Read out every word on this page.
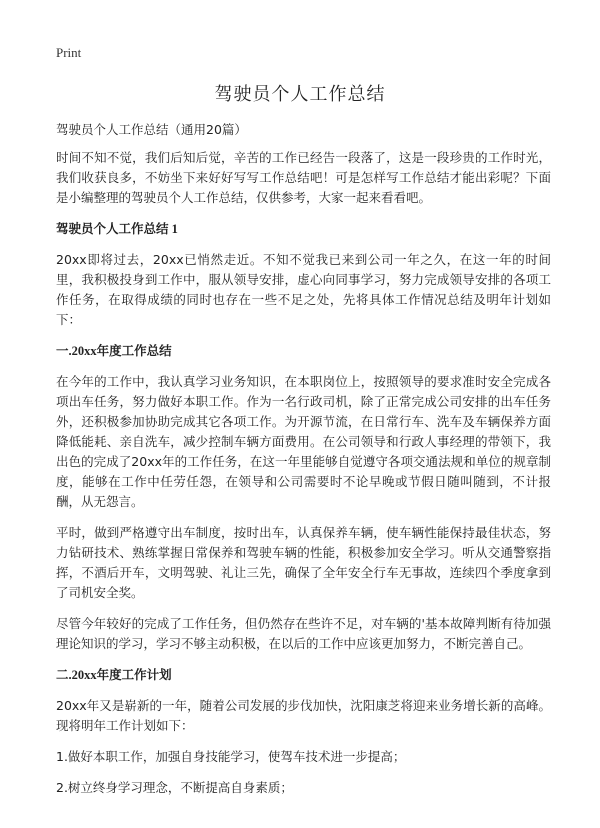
Print
驾驶员个人工作总结

驾驶员个人工作总结（通用20篇）

时间不知不觉，我们后知后觉，辛苦的工作已经告一段落了，这是一段珍贵的工作时光，我们收获良多，不妨坐下来好好写写工作总结吧！可是怎样写工作总结才能出彩呢？下面是小编整理的驾驶员个人工作总结，仅供参考，大家一起来看看吧。

驾驶员个人工作总结 1

20xx即将过去，20xx已悄然走近。不知不觉我已来到公司一年之久，在这一年的时间里，我积极投身到工作中，服从领导安排，虚心向同事学习，努力完成领导安排的各项工作任务，在取得成绩的同时也存在一些不足之处，先将具体工作情况总结及明年计划如下：

一.20xx年度工作总结

在今年的工作中，我认真学习业务知识，在本职岗位上，按照领导的要求准时安全完成各项出车任务，努力做好本职工作。作为一名行政司机，除了正常完成公司安排的出车任务外，还积极参加协助完成其它各项工作。为开源节流，在日常行车、洗车及车辆保养方面降低能耗、亲自洗车，减少控制车辆方面费用。在公司领导和行政人事经理的带领下，我出色的完成了20xx年的工作任务，在这一年里能够自觉遵守各项交通法规和单位的规章制度，能够在工作中任劳任怨，在领导和公司需要时不论早晚或节假日随叫随到，不计报酬，从无怨言。

平时，做到严格遵守出车制度，按时出车，认真保养车辆，使车辆性能保持最佳状态，努力钻研技术、熟练掌握日常保养和驾驶车辆的性能，积极参加安全学习。听从交通警察指挥，不酒后开车，文明驾驶、礼让三先，确保了全年安全行车无事故，连续四个季度拿到了司机安全奖。

尽管今年较好的完成了工作任务，但仍然存在些许不足，对车辆的'基本故障判断有待加强理论知识的学习，学习不够主动积极，在以后的工作中应该更加努力，不断完善自己。

二.20xx年度工作计划

20xx年又是崭新的一年，随着公司发展的步伐加快，沈阳康芝将迎来业务增长新的高峰。现将明年工作计划如下：

1.做好本职工作，加强自身技能学习，使驾车技术进一步提高；

2.树立终身学习理念，不断提高自身素质；
